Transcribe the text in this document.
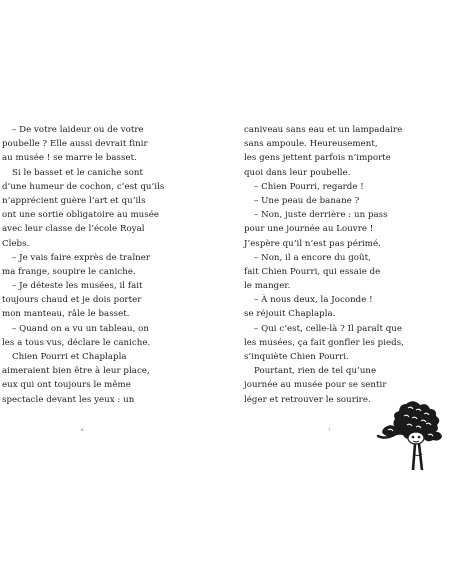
– De votre laideur ou de votre
poubelle ? Elle aussi devrait finir
au musée ! se marre le basset.
Si le basset et le caniche sont
d’une humeur de cochon, c’est qu’ils
n’apprécient guère l’art et qu’ils
ont une sortie obligatoire au musée
avec leur classe de l’école Royal
Clebs.
– Je vais faire exprès de traîner
ma frange, soupire le caniche.
– Je déteste les musées, il fait
toujours chaud et je dois porter
mon manteau, râle le basset.
– Quand on a vu un tableau, on
les a tous vus, déclare le caniche.
Chien Pourri et Chaplapla
aimeraient bien être à leur place,
eux qui ont toujours le même
spectacle devant les yeux : un
6
caniveau sans eau et un lampadaire
sans ampoule. Heureusement,
les gens jettent parfois n’importe
quoi dans leur poubelle.
– Chien Pourri, regarde !
– Une peau de banane ?
– Non, juste derrière : un pass
pour une journée au Louvre !
J’espère qu’il n’est pas périmé.
– Non, il a encore du goût,
fait Chien Pourri, qui essaie de
le manger.
– À nous deux, la Joconde !
se réjouit Chaplapla.
– Qui c’est, celle-là ? Il paraît que
les musées, ça fait gonfler les pieds,
s’inquiète Chien Pourri.
Pourtant, rien de tel qu’une
journée au musée pour se sentir
léger et retrouver le sourire.
7
